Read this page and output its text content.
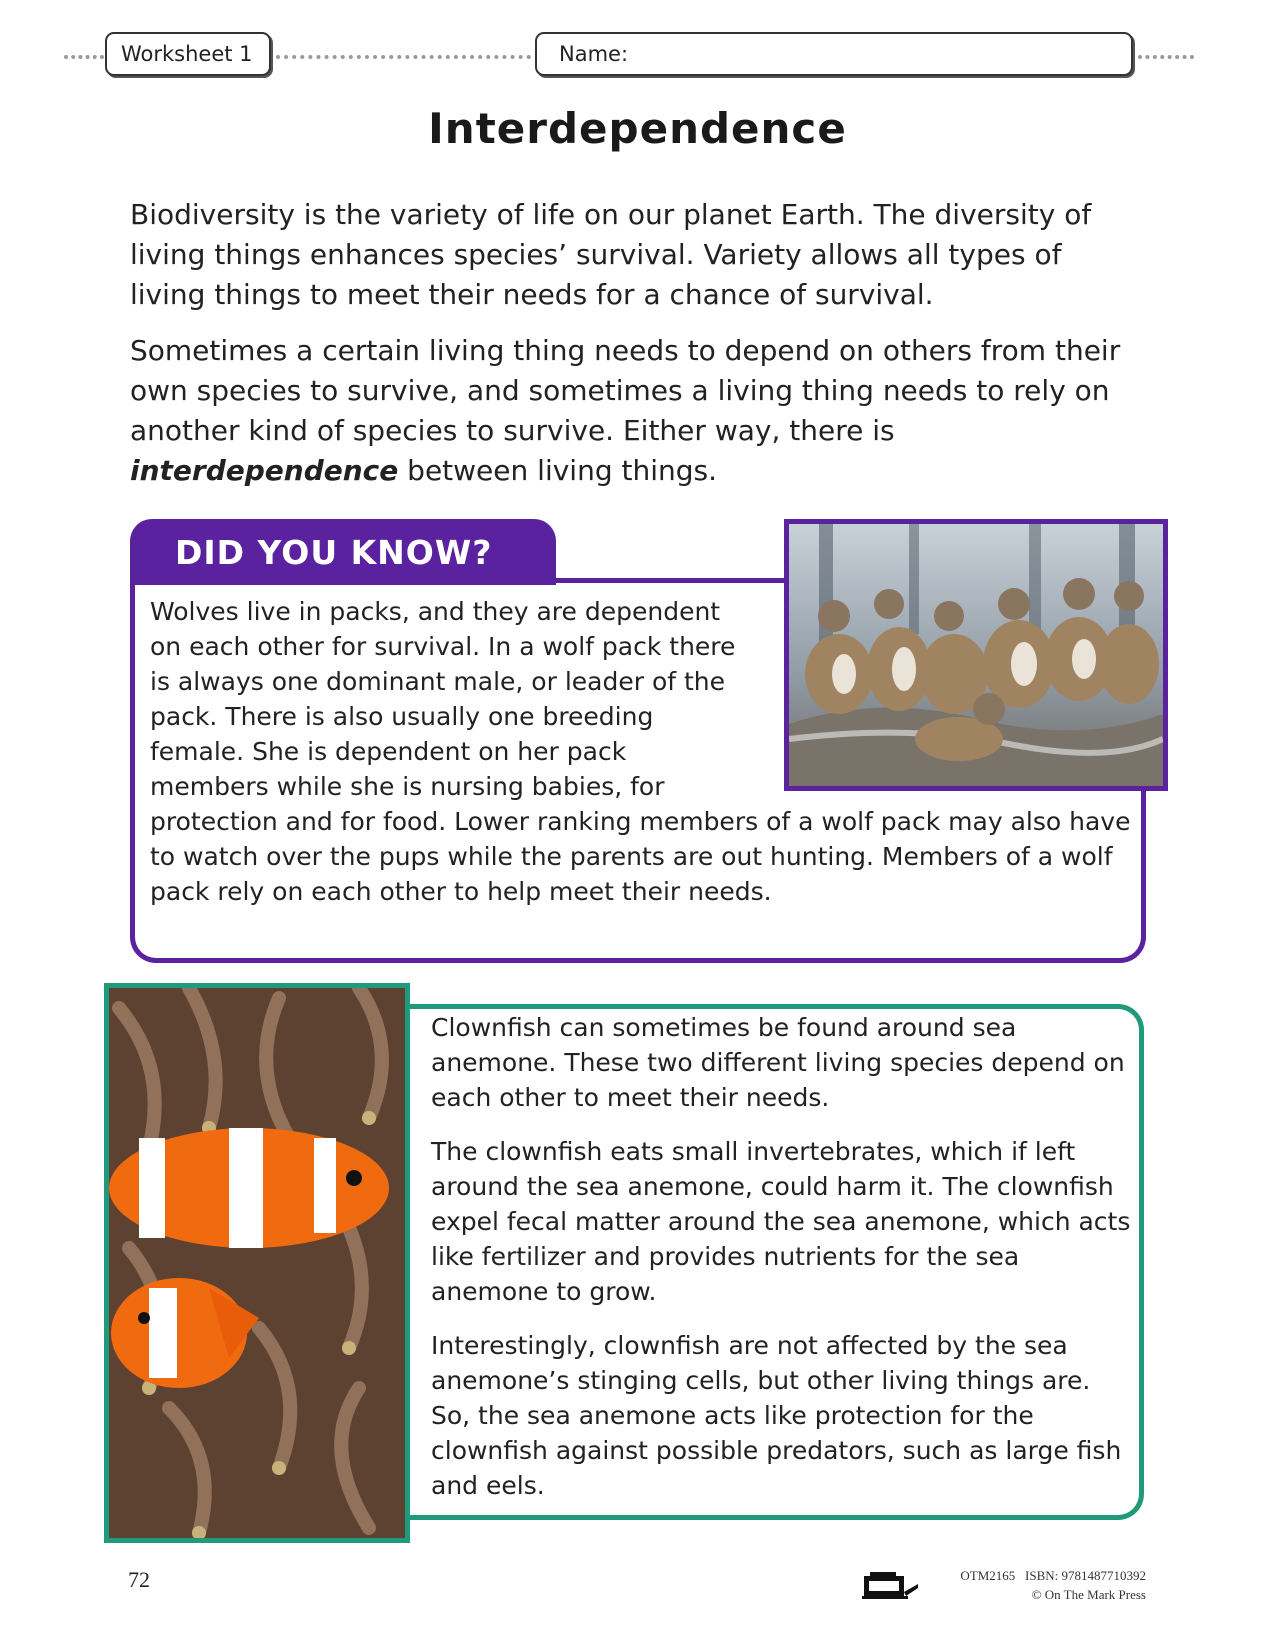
Worksheet 1	Name:
Interdependence

Biodiversity is the variety of life on our planet Earth. The diversity of living things enhances species’ survival. Variety allows all types of living things to meet their needs for a chance of survival.

Sometimes a certain living thing needs to depend on others from their own species to survive, and sometimes a living thing needs to rely on another kind of species to survive. Either way, there is interdependence between living things.

DID YOU KNOW?

Wolves live in packs, and they are dependent on each other for survival. In a wolf pack there is always one dominant male, or leader of the pack. There is also usually one breeding female. She is dependent on her pack members while she is nursing babies, for protection and for food. Lower ranking members of a wolf pack may also have to watch over the pups while the parents are out hunting. Members of a wolf pack rely on each other to help meet their needs.

Clownfish can sometimes be found around sea anemone. These two different living species depend on each other to meet their needs.

The clownfish eats small invertebrates, which if left around the sea anemone, could harm it. The clownfish expel fecal matter around the sea anemone, which acts like fertilizer and provides nutrients for the sea anemone to grow.

Interestingly, clownfish are not affected by the sea anemone’s stinging cells, but other living things are. So, the sea anemone acts like protection for the clownfish against possible predators, such as large fish and eels.

72	OTM2165 ISBN: 9781487710392
© On The Mark Press
